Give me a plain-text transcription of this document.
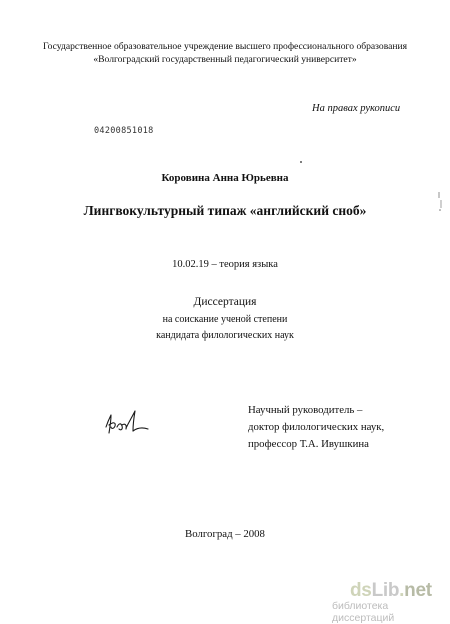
Государственное образовательное учреждение высшего профессионального образования
«Волгоградский государственный педагогический университет»
На правах рукописи
04200851018
Коровина Анна Юрьевна
Лингвокультурный типаж «английский сноб»
10.02.19 – теория языка
Диссертация
на соискание ученой степени
кандидата филологических наук
Научный руководитель –
доктор филологических наук,
профессор Т.А. Ивушкина
Волгоград – 2008
dsLib.net
библиотека диссертаций
